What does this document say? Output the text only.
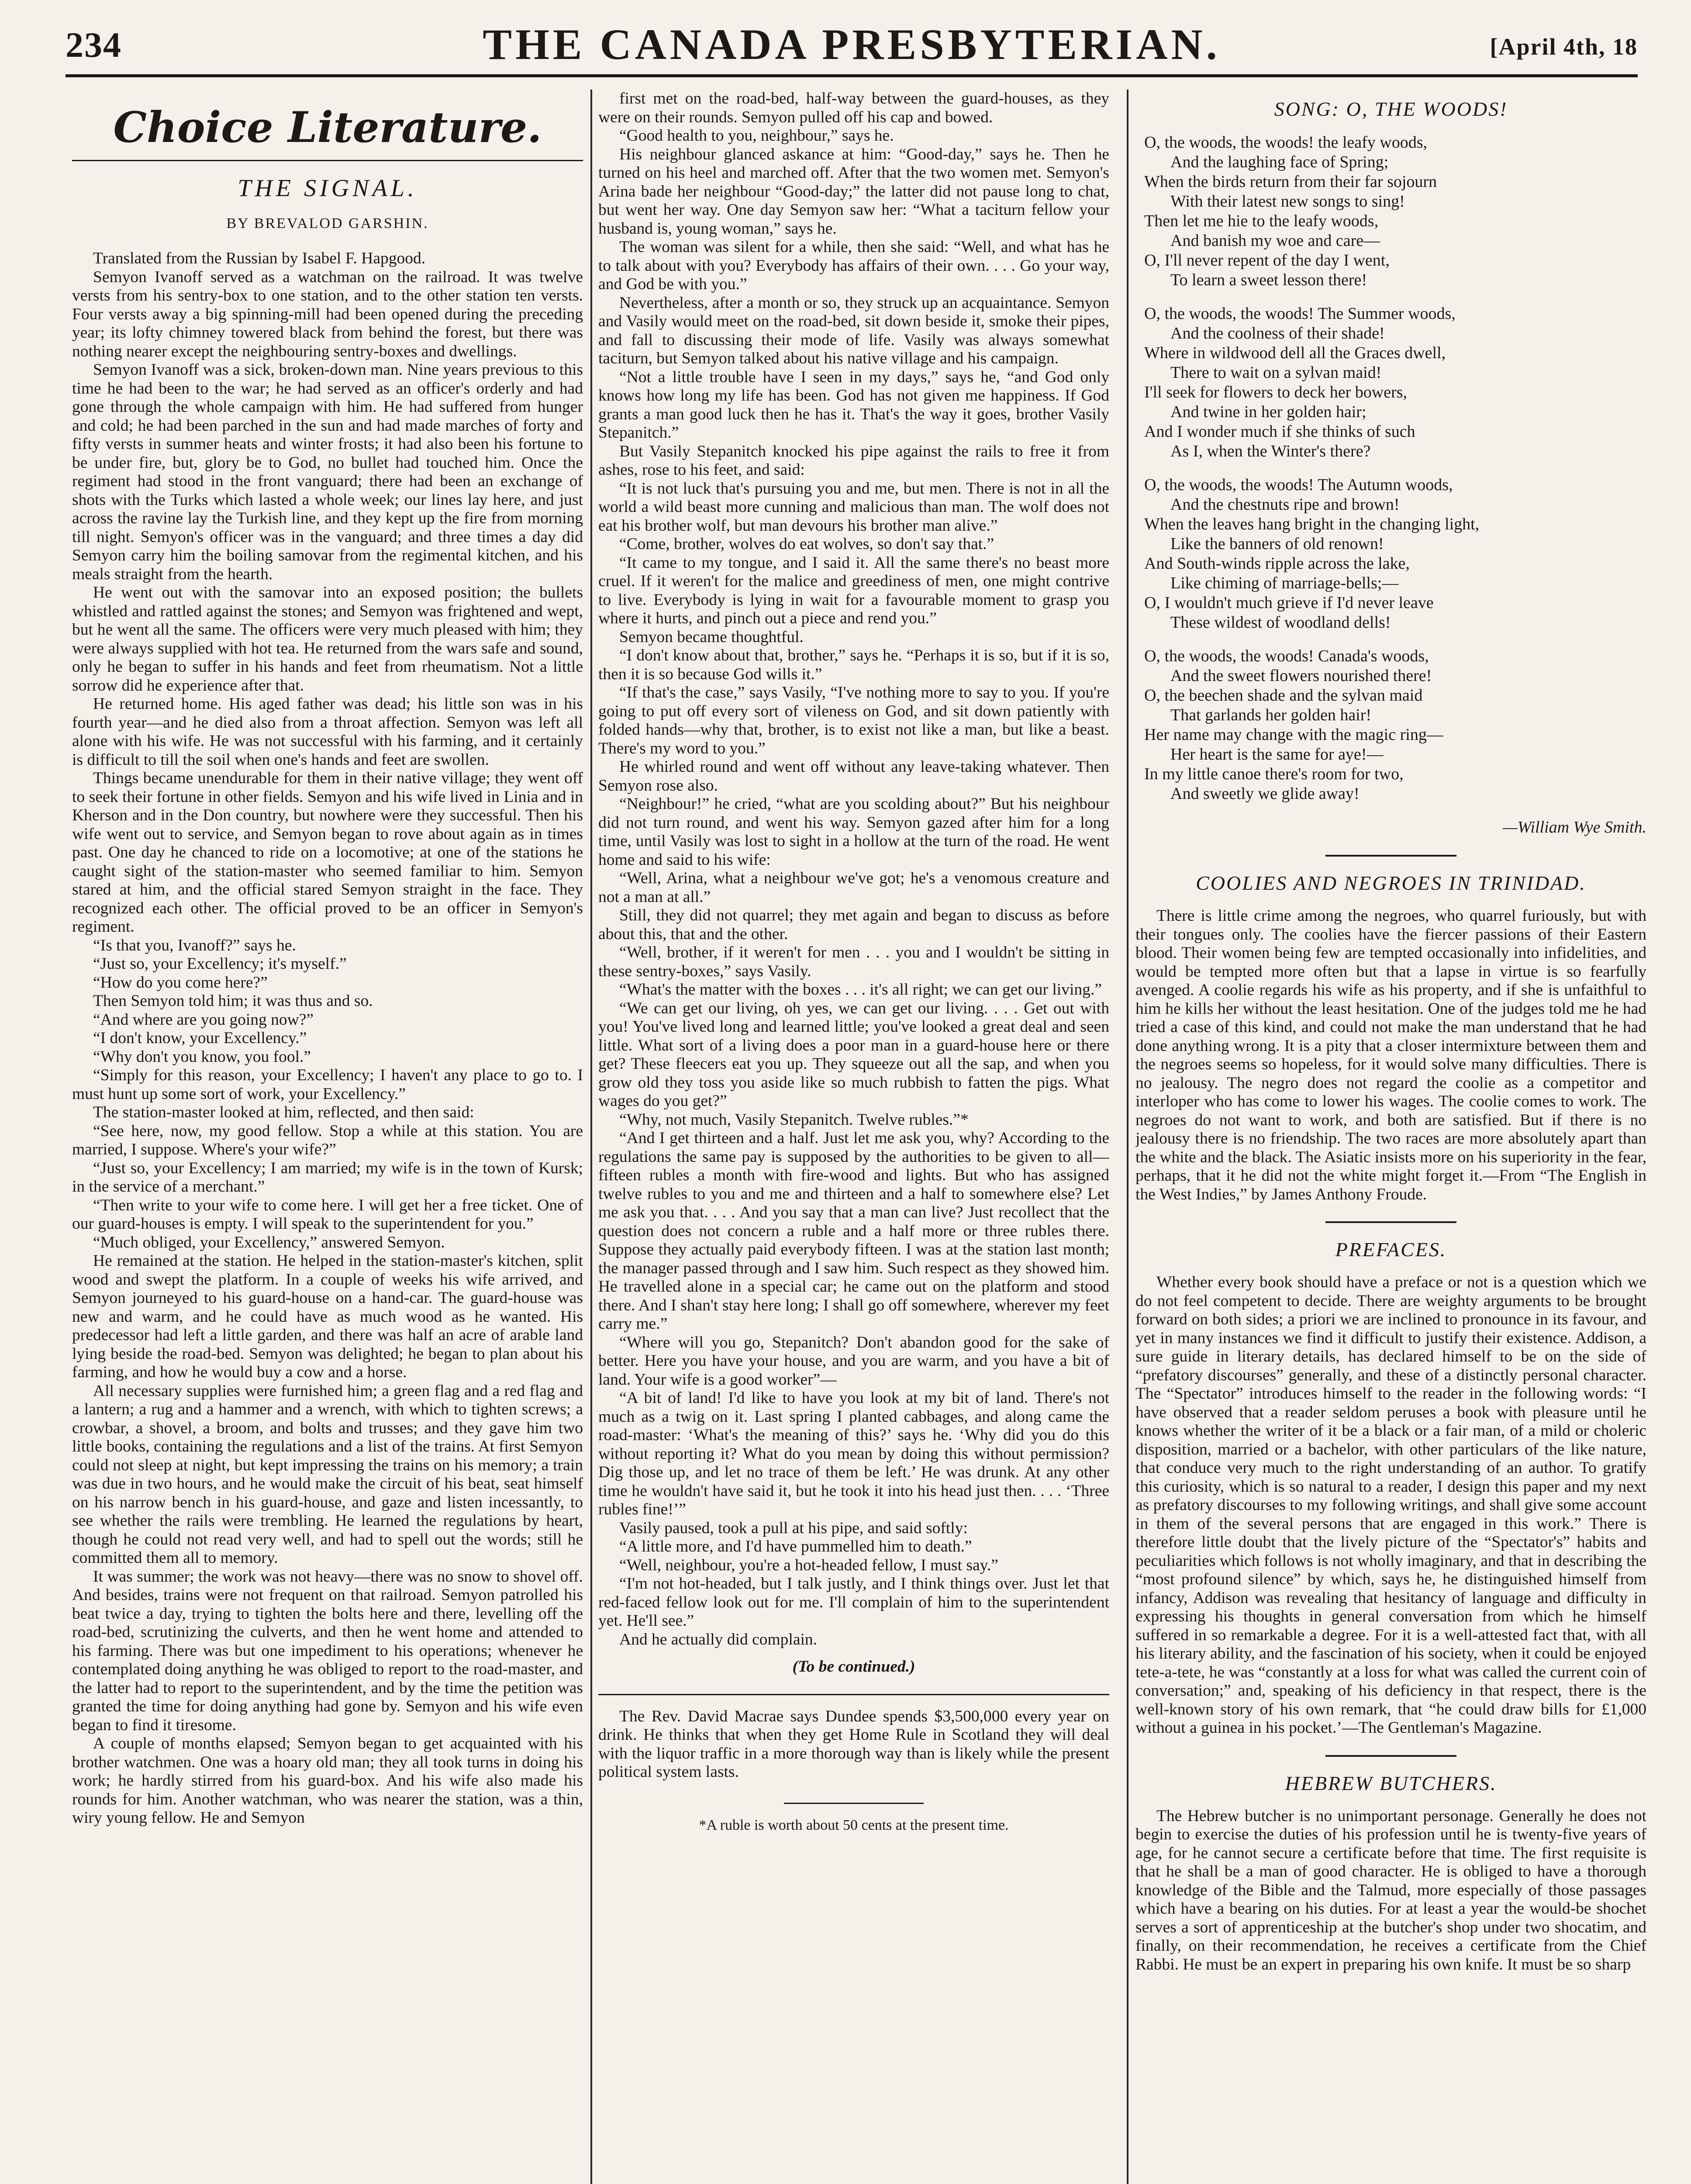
234	THE CANADA PRESBYTERIAN.	[April 4th, 18
Choice Literature.
THE SIGNAL.
BY BREVALOD GARSHIN.

Translated from the Russian by Isabel F. Hapgood.

Semyon Ivanoff served as a watchman on the railroad. It was twelve versts from his sentry-box to one station, and to the other station ten versts. Four versts away a big spinning-mill had been opened during the preceding year; its lofty chimney towered black from behind the forest, but there was nothing nearer except the neighbouring sentry-boxes and dwellings.

Semyon Ivanoff was a sick, broken-down man. Nine years previous to this time he had been to the war; he had served as an officer's orderly and had gone through the whole campaign with him. He had suffered from hunger and cold; he had been parched in the sun and had made marches of forty and fifty versts in summer heats and winter frosts; it had also been his fortune to be under fire, but, glory be to God, no bullet had touched him. Once the regiment had stood in the front vanguard; there had been an exchange of shots with the Turks which lasted a whole week; our lines lay here, and just across the ravine lay the Turkish line, and they kept up the fire from morning till night. Semyon's officer was in the vanguard; and three times a day did Semyon carry him the boiling samovar from the regimental kitchen, and his meals straight from the hearth.

He went out with the samovar into an exposed position; the bullets whistled and rattled against the stones; and Semyon was frightened and wept, but he went all the same. The officers were very much pleased with him; they were always supplied with hot tea. He returned from the wars safe and sound, only he began to suffer in his hands and feet from rheumatism. Not a little sorrow did he experience after that.

He returned home. His aged father was dead; his little son was in his fourth year—and he died also from a throat affection. Semyon was left all alone with his wife. He was not successful with his farming, and it certainly is difficult to till the soil when one's hands and feet are swollen.

Things became unendurable for them in their native village; they went off to seek their fortune in other fields. Semyon and his wife lived in Linia and in Kherson and in the Don country, but nowhere were they successful. Then his wife went out to service, and Semyon began to rove about again as in times past. One day he chanced to ride on a locomotive; at one of the stations he caught sight of the station-master who seemed familiar to him. Semyon stared at him, and the official stared Semyon straight in the face. They recognized each other. The official proved to be an officer in Semyon's regiment.

“Is that you, Ivanoff?” says he.

“Just so, your Excellency; it's myself.”

“How do you come here?”

Then Semyon told him; it was thus and so.

“And where are you going now?”

“I don't know, your Excellency.”

“Why don't you know, you fool.”

“Simply for this reason, your Excellency; I haven't any place to go to. I must hunt up some sort of work, your Excellency.”

The station-master looked at him, reflected, and then said:

“See here, now, my good fellow. Stop a while at this station. You are married, I suppose. Where's your wife?”

“Just so, your Excellency; I am married; my wife is in the town of Kursk; in the service of a merchant.”

“Then write to your wife to come here. I will get her a free ticket. One of our guard-houses is empty. I will speak to the superintendent for you.”

“Much obliged, your Excellency,” answered Semyon.

He remained at the station. He helped in the station-master's kitchen, split wood and swept the platform. In a couple of weeks his wife arrived, and Semyon journeyed to his guard-house on a hand-car. The guard-house was new and warm, and he could have as much wood as he wanted. His predecessor had left a little garden, and there was half an acre of arable land lying beside the road-bed. Semyon was delighted; he began to plan about his farming, and how he would buy a cow and a horse.

All necessary supplies were furnished him; a green flag and a red flag and a lantern; a rug and a hammer and a wrench, with which to tighten screws; a crowbar, a shovel, a broom, and bolts and trusses; and they gave him two little books, containing the regulations and a list of the trains. At first Semyon could not sleep at night, but kept impressing the trains on his memory; a train was due in two hours, and he would make the circuit of his beat, seat himself on his narrow bench in his guard-house, and gaze and listen incessantly, to see whether the rails were trembling. He learned the regulations by heart, though he could not read very well, and had to spell out the words; still he committed them all to memory.

It was summer; the work was not heavy—there was no snow to shovel off. And besides, trains were not frequent on that railroad. Semyon patrolled his beat twice a day, trying to tighten the bolts here and there, levelling off the road-bed, scrutinizing the culverts, and then he went home and attended to his farming. There was but one impediment to his operations; whenever he contemplated doing anything he was obliged to report to the road-master, and the latter had to report to the superintendent, and by the time the petition was granted the time for doing anything had gone by. Semyon and his wife even began to find it tiresome.

A couple of months elapsed; Semyon began to get acquainted with his brother watchmen. One was a hoary old man; they all took turns in doing his work; he hardly stirred from his guard-box. And his wife also made his rounds for him. Another watchman, who was nearer the station, was a thin, wiry young fellow. He and Semyon

first met on the road-bed, half-way between the guard-houses, as they were on their rounds. Semyon pulled off his cap and bowed.

“Good health to you, neighbour,” says he.

His neighbour glanced askance at him: “Good-day,” says he. Then he turned on his heel and marched off. After that the two women met. Semyon's Arina bade her neighbour “Good-day;” the latter did not pause long to chat, but went her way. One day Semyon saw her: “What a taciturn fellow your husband is, young woman,” says he.

The woman was silent for a while, then she said: “Well, and what has he to talk about with you? Everybody has affairs of their own. . . . Go your way, and God be with you.”

Nevertheless, after a month or so, they struck up an acquaintance. Semyon and Vasily would meet on the road-bed, sit down beside it, smoke their pipes, and fall to discussing their mode of life. Vasily was always somewhat taciturn, but Semyon talked about his native village and his campaign.

“Not a little trouble have I seen in my days,” says he, “and God only knows how long my life has been. God has not given me happiness. If God grants a man good luck then he has it. That's the way it goes, brother Vasily Stepanitch.”

But Vasily Stepanitch knocked his pipe against the rails to free it from ashes, rose to his feet, and said:

“It is not luck that's pursuing you and me, but men. There is not in all the world a wild beast more cunning and malicious than man. The wolf does not eat his brother wolf, but man devours his brother man alive.”

“Come, brother, wolves do eat wolves, so don't say that.”

“It came to my tongue, and I said it. All the same there's no beast more cruel. If it weren't for the malice and greediness of men, one might contrive to live. Everybody is lying in wait for a favourable moment to grasp you where it hurts, and pinch out a piece and rend you.”

Semyon became thoughtful.

“I don't know about that, brother,” says he. “Perhaps it is so, but if it is so, then it is so because God wills it.”

“If that's the case,” says Vasily, “I've nothing more to say to you. If you're going to put off every sort of vileness on God, and sit down patiently with folded hands—why that, brother, is to exist not like a man, but like a beast. There's my word to you.”

He whirled round and went off without any leave-taking whatever. Then Semyon rose also.

“Neighbour!” he cried, “what are you scolding about?” But his neighbour did not turn round, and went his way. Semyon gazed after him for a long time, until Vasily was lost to sight in a hollow at the turn of the road. He went home and said to his wife:

“Well, Arina, what a neighbour we've got; he's a venomous creature and not a man at all.”

Still, they did not quarrel; they met again and began to discuss as before about this, that and the other.

“Well, brother, if it weren't for men . . . you and I wouldn't be sitting in these sentry-boxes,” says Vasily.

“What's the matter with the boxes . . . it's all right; we can get our living.”

“We can get our living, oh yes, we can get our living. . . . Get out with you! You've lived long and learned little; you've looked a great deal and seen little. What sort of a living does a poor man in a guard-house here or there get? These fleecers eat you up. They squeeze out all the sap, and when you grow old they toss you aside like so much rubbish to fatten the pigs. What wages do you get?”

“Why, not much, Vasily Stepanitch. Twelve rubles.”*

“And I get thirteen and a half. Just let me ask you, why? According to the regulations the same pay is supposed by the authorities to be given to all—fifteen rubles a month with fire-wood and lights. But who has assigned twelve rubles to you and me and thirteen and a half to somewhere else? Let me ask you that. . . . And you say that a man can live? Just recollect that the question does not concern a ruble and a half more or three rubles there. Suppose they actually paid everybody fifteen. I was at the station last month; the manager passed through and I saw him. Such respect as they showed him. He travelled alone in a special car; he came out on the platform and stood there. And I shan't stay here long; I shall go off somewhere, wherever my feet carry me.”

“Where will you go, Stepanitch? Don't abandon good for the sake of better. Here you have your house, and you are warm, and you have a bit of land. Your wife is a good worker”—

“A bit of land! I'd like to have you look at my bit of land. There's not much as a twig on it. Last spring I planted cabbages, and along came the road-master: ‘What's the meaning of this?’ says he. ‘Why did you do this without reporting it? What do you mean by doing this without permission? Dig those up, and let no trace of them be left.’ He was drunk. At any other time he wouldn't have said it, but he took it into his head just then. . . . ‘Three rubles fine!’”

Vasily paused, took a pull at his pipe, and said softly:

“A little more, and I'd have pummelled him to death.”

“Well, neighbour, you're a hot-headed fellow, I must say.”

“I'm not hot-headed, but I talk justly, and I think things over. Just let that red-faced fellow look out for me. I'll complain of him to the superintendent yet. He'll see.”

And he actually did complain.

(To be continued.)

The Rev. David Macrae says Dundee spends $3,500,000 every year on drink. He thinks that when they get Home Rule in Scotland they will deal with the liquor traffic in a more thorough way than is likely while the present political system lasts.

*A ruble is worth about 50 cents at the present time.

SONG: O, THE WOODS!

O, the woods, the woods! the leafy woods,

And the laughing face of Spring;

When the birds return from their far sojourn

With their latest new songs to sing!

Then let me hie to the leafy woods,

And banish my woe and care—

O, I'll never repent of the day I went,

To learn a sweet lesson there!

O, the woods, the woods! The Summer woods,

And the coolness of their shade!

Where in wildwood dell all the Graces dwell,

There to wait on a sylvan maid!

I'll seek for flowers to deck her bowers,

And twine in her golden hair;

And I wonder much if she thinks of such

As I, when the Winter's there?

O, the woods, the woods! The Autumn woods,

And the chestnuts ripe and brown!

When the leaves hang bright in the changing light,

Like the banners of old renown!

And South-winds ripple across the lake,

Like chiming of marriage-bells;—

O, I wouldn't much grieve if I'd never leave

These wildest of woodland dells!

O, the woods, the woods! Canada's woods,

And the sweet flowers nourished there!

O, the beechen shade and the sylvan maid

That garlands her golden hair!

Her name may change with the magic ring—

Her heart is the same for aye!—

In my little canoe there's room for two,

And sweetly we glide away!

—William Wye Smith.

COOLIES AND NEGROES IN TRINIDAD.

There is little crime among the negroes, who quarrel furiously, but with their tongues only. The coolies have the fiercer passions of their Eastern blood. Their women being few are tempted occasionally into infidelities, and would be tempted more often but that a lapse in virtue is so fearfully avenged. A coolie regards his wife as his property, and if she is unfaithful to him he kills her without the least hesitation. One of the judges told me he had tried a case of this kind, and could not make the man understand that he had done anything wrong. It is a pity that a closer intermixture between them and the negroes seems so hopeless, for it would solve many difficulties. There is no jealousy. The negro does not regard the coolie as a competitor and interloper who has come to lower his wages. The coolie comes to work. The negroes do not want to work, and both are satisfied. But if there is no jealousy there is no friendship. The two races are more absolutely apart than the white and the black. The Asiatic insists more on his superiority in the fear, perhaps, that it he did not the white might forget it.—From “The English in the West Indies,” by James Anthony Froude.

PREFACES.

Whether every book should have a preface or not is a question which we do not feel competent to decide. There are weighty arguments to be brought forward on both sides; a priori we are inclined to pronounce in its favour, and yet in many instances we find it difficult to justify their existence. Addison, a sure guide in literary details, has declared himself to be on the side of “prefatory discourses” generally, and these of a distinctly personal character. The “Spectator” introduces himself to the reader in the following words: “I have observed that a reader seldom peruses a book with pleasure until he knows whether the writer of it be a black or a fair man, of a mild or choleric disposition, married or a bachelor, with other particulars of the like nature, that conduce very much to the right understanding of an author. To gratify this curiosity, which is so natural to a reader, I design this paper and my next as prefatory discourses to my following writings, and shall give some account in them of the several persons that are engaged in this work.” There is therefore little doubt that the lively picture of the “Spectator's” habits and peculiarities which follows is not wholly imaginary, and that in describing the “most profound silence” by which, says he, he distinguished himself from infancy, Addison was revealing that hesitancy of language and difficulty in expressing his thoughts in general conversation from which he himself suffered in so remarkable a degree. For it is a well-attested fact that, with all his literary ability, and the fascination of his society, when it could be enjoyed tete-a-tete, he was “constantly at a loss for what was called the current coin of conversation;” and, speaking of his deficiency in that respect, there is the well-known story of his own remark, that “he could draw bills for £1,000 without a guinea in his pocket.’—The Gentleman's Magazine.

HEBREW BUTCHERS.

The Hebrew butcher is no unimportant personage. Generally he does not begin to exercise the duties of his profession until he is twenty-five years of age, for he cannot secure a certificate before that time. The first requisite is that he shall be a man of good character. He is obliged to have a thorough knowledge of the Bible and the Talmud, more especially of those passages which have a bearing on his duties. For at least a year the would-be shochet serves a sort of apprenticeship at the butcher's shop under two shocatim, and finally, on their recommendation, he receives a certificate from the Chief Rabbi. He must be an expert in preparing his own knife. It must be so sharp
